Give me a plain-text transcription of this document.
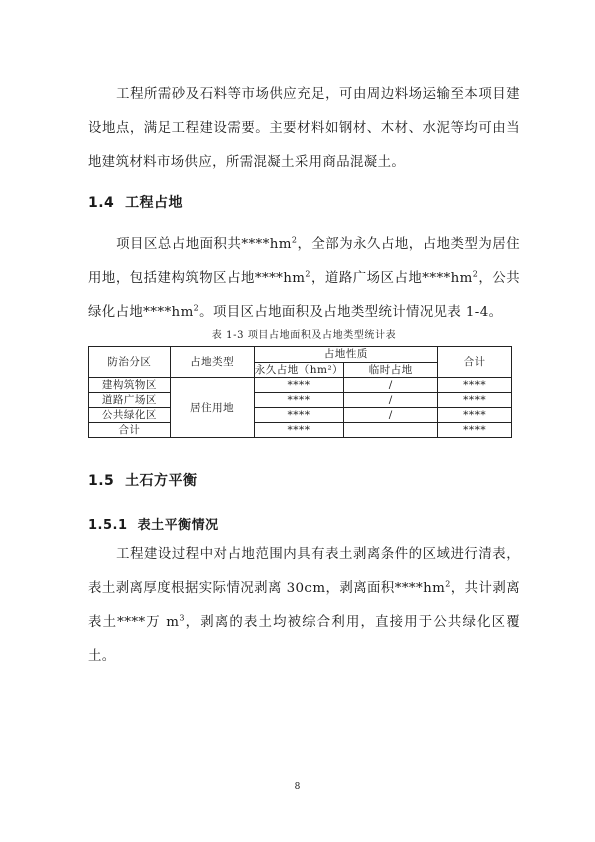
工程所需砂及石料等市场供应充足，可由周边料场运输至本项目建设地点，满足工程建设需要。主要材料如钢材、木材、水泥等均可由当地建筑材料市场供应，所需混凝土采用商品混凝土。

1.4 工程占地

项目区总占地面积共$****hm^2$，全部为永久占地，占地类型为居住用地，包括建构筑物区占地$****hm^2$，道路广场区占地$****hm^2$，公共绿化占地$****hm^2$。项目区占地面积及占地类型统计情况见表 1-4。

表 1-3 项目占地面积及占地类型统计表
防治分区	占地类型	占地性质		合计
		永久占地（hm²）	临时占地	
建构筑物区	居住用地	****	/	****
道路广场区		****	/	****
公共绿化区		****	/	****
合计		****		****
1.5 土石方平衡
1.5.1 表土平衡情况

工程建设过程中对占地范围内具有表土剥离条件的区域进行清表，表土剥离厚度根据实际情况剥离 30cm，剥离面积$****hm^2$，共计剥离表土****万 $m^3$，剥离的表土均被综合利用，直接用于公共绿化区覆土。

8
